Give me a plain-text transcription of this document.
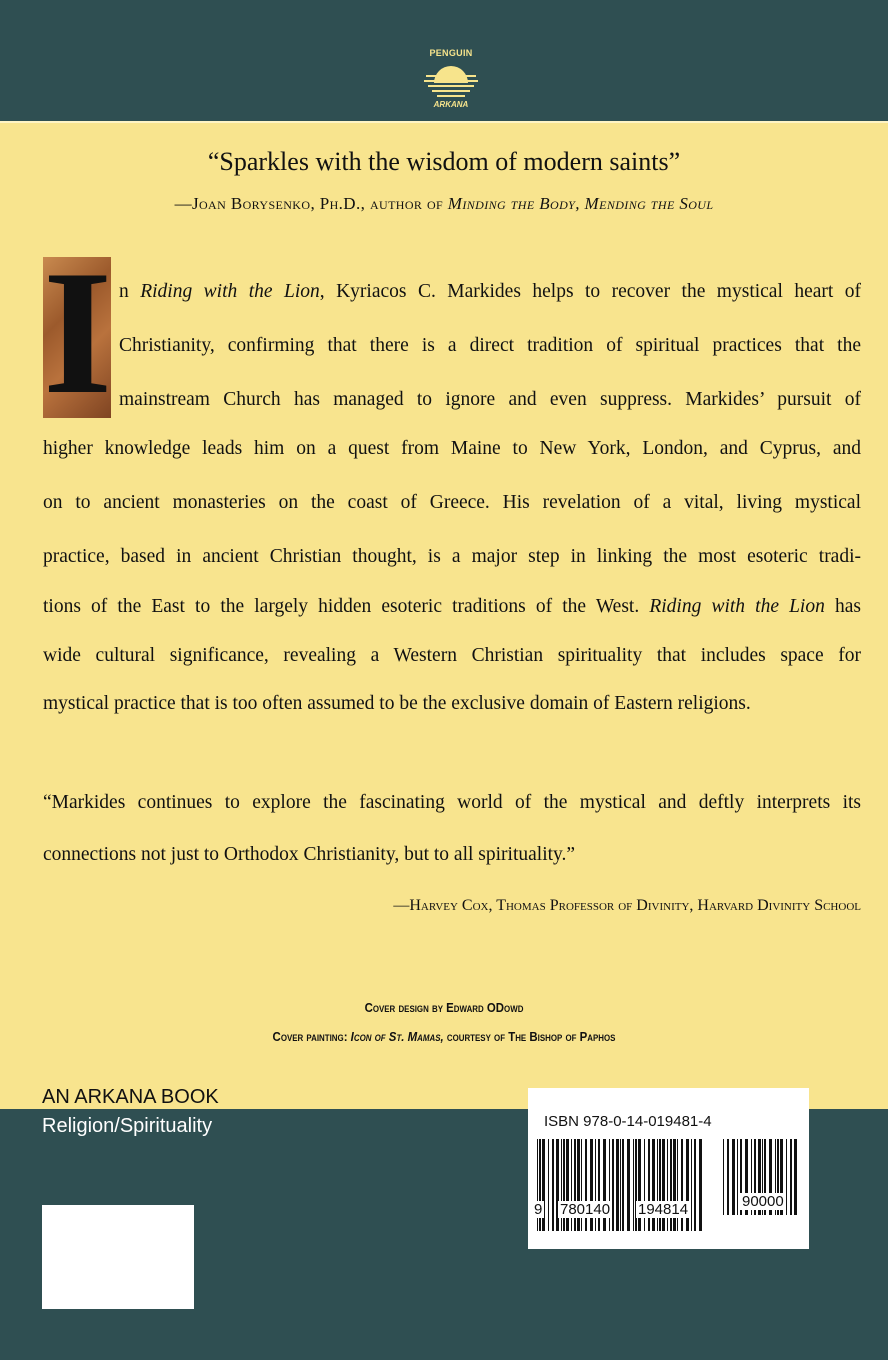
PENGUIN
ARKANA
“Sparkles with the wisdom of modern saints”
—Joan Borysenko, Ph.D., author of Minding the Body, Mending the Soul
I n Riding with the Lion, Kyriacos C. Markides helps to recover the mystical heart of
Christianity, confirming that there is a direct tradition of spiritual practices that the
mainstream Church has managed to ignore and even suppress. Markides’ pursuit of
higher knowledge leads him on a quest from Maine to New York, London, and Cyprus, and
on to ancient monasteries on the coast of Greece. His revelation of a vital, living mystical
practice, based in ancient Christian thought, is a major step in linking the most esoteric tradi-
tions of the East to the largely hidden esoteric traditions of the West. Riding with the Lion has
wide cultural significance, revealing a Western Christian spirituality that includes space for
mystical practice that is too often assumed to be the exclusive domain of Eastern religions.
“Markides continues to explore the fascinating world of the mystical and deftly interprets its
connections not just to Orthodox Christianity, but to all spirituality.”
—Harvey Cox, Thomas Professor of Divinity, Harvard Divinity School
Cover design by Edward ODowd
Cover painting: Icon of St. Mamas, courtesy of The Bishop of Paphos
AN ARKANA BOOK
Religion/Spirituality	ISBN 978-0-14-019481-4
9 780140 194814	90000
